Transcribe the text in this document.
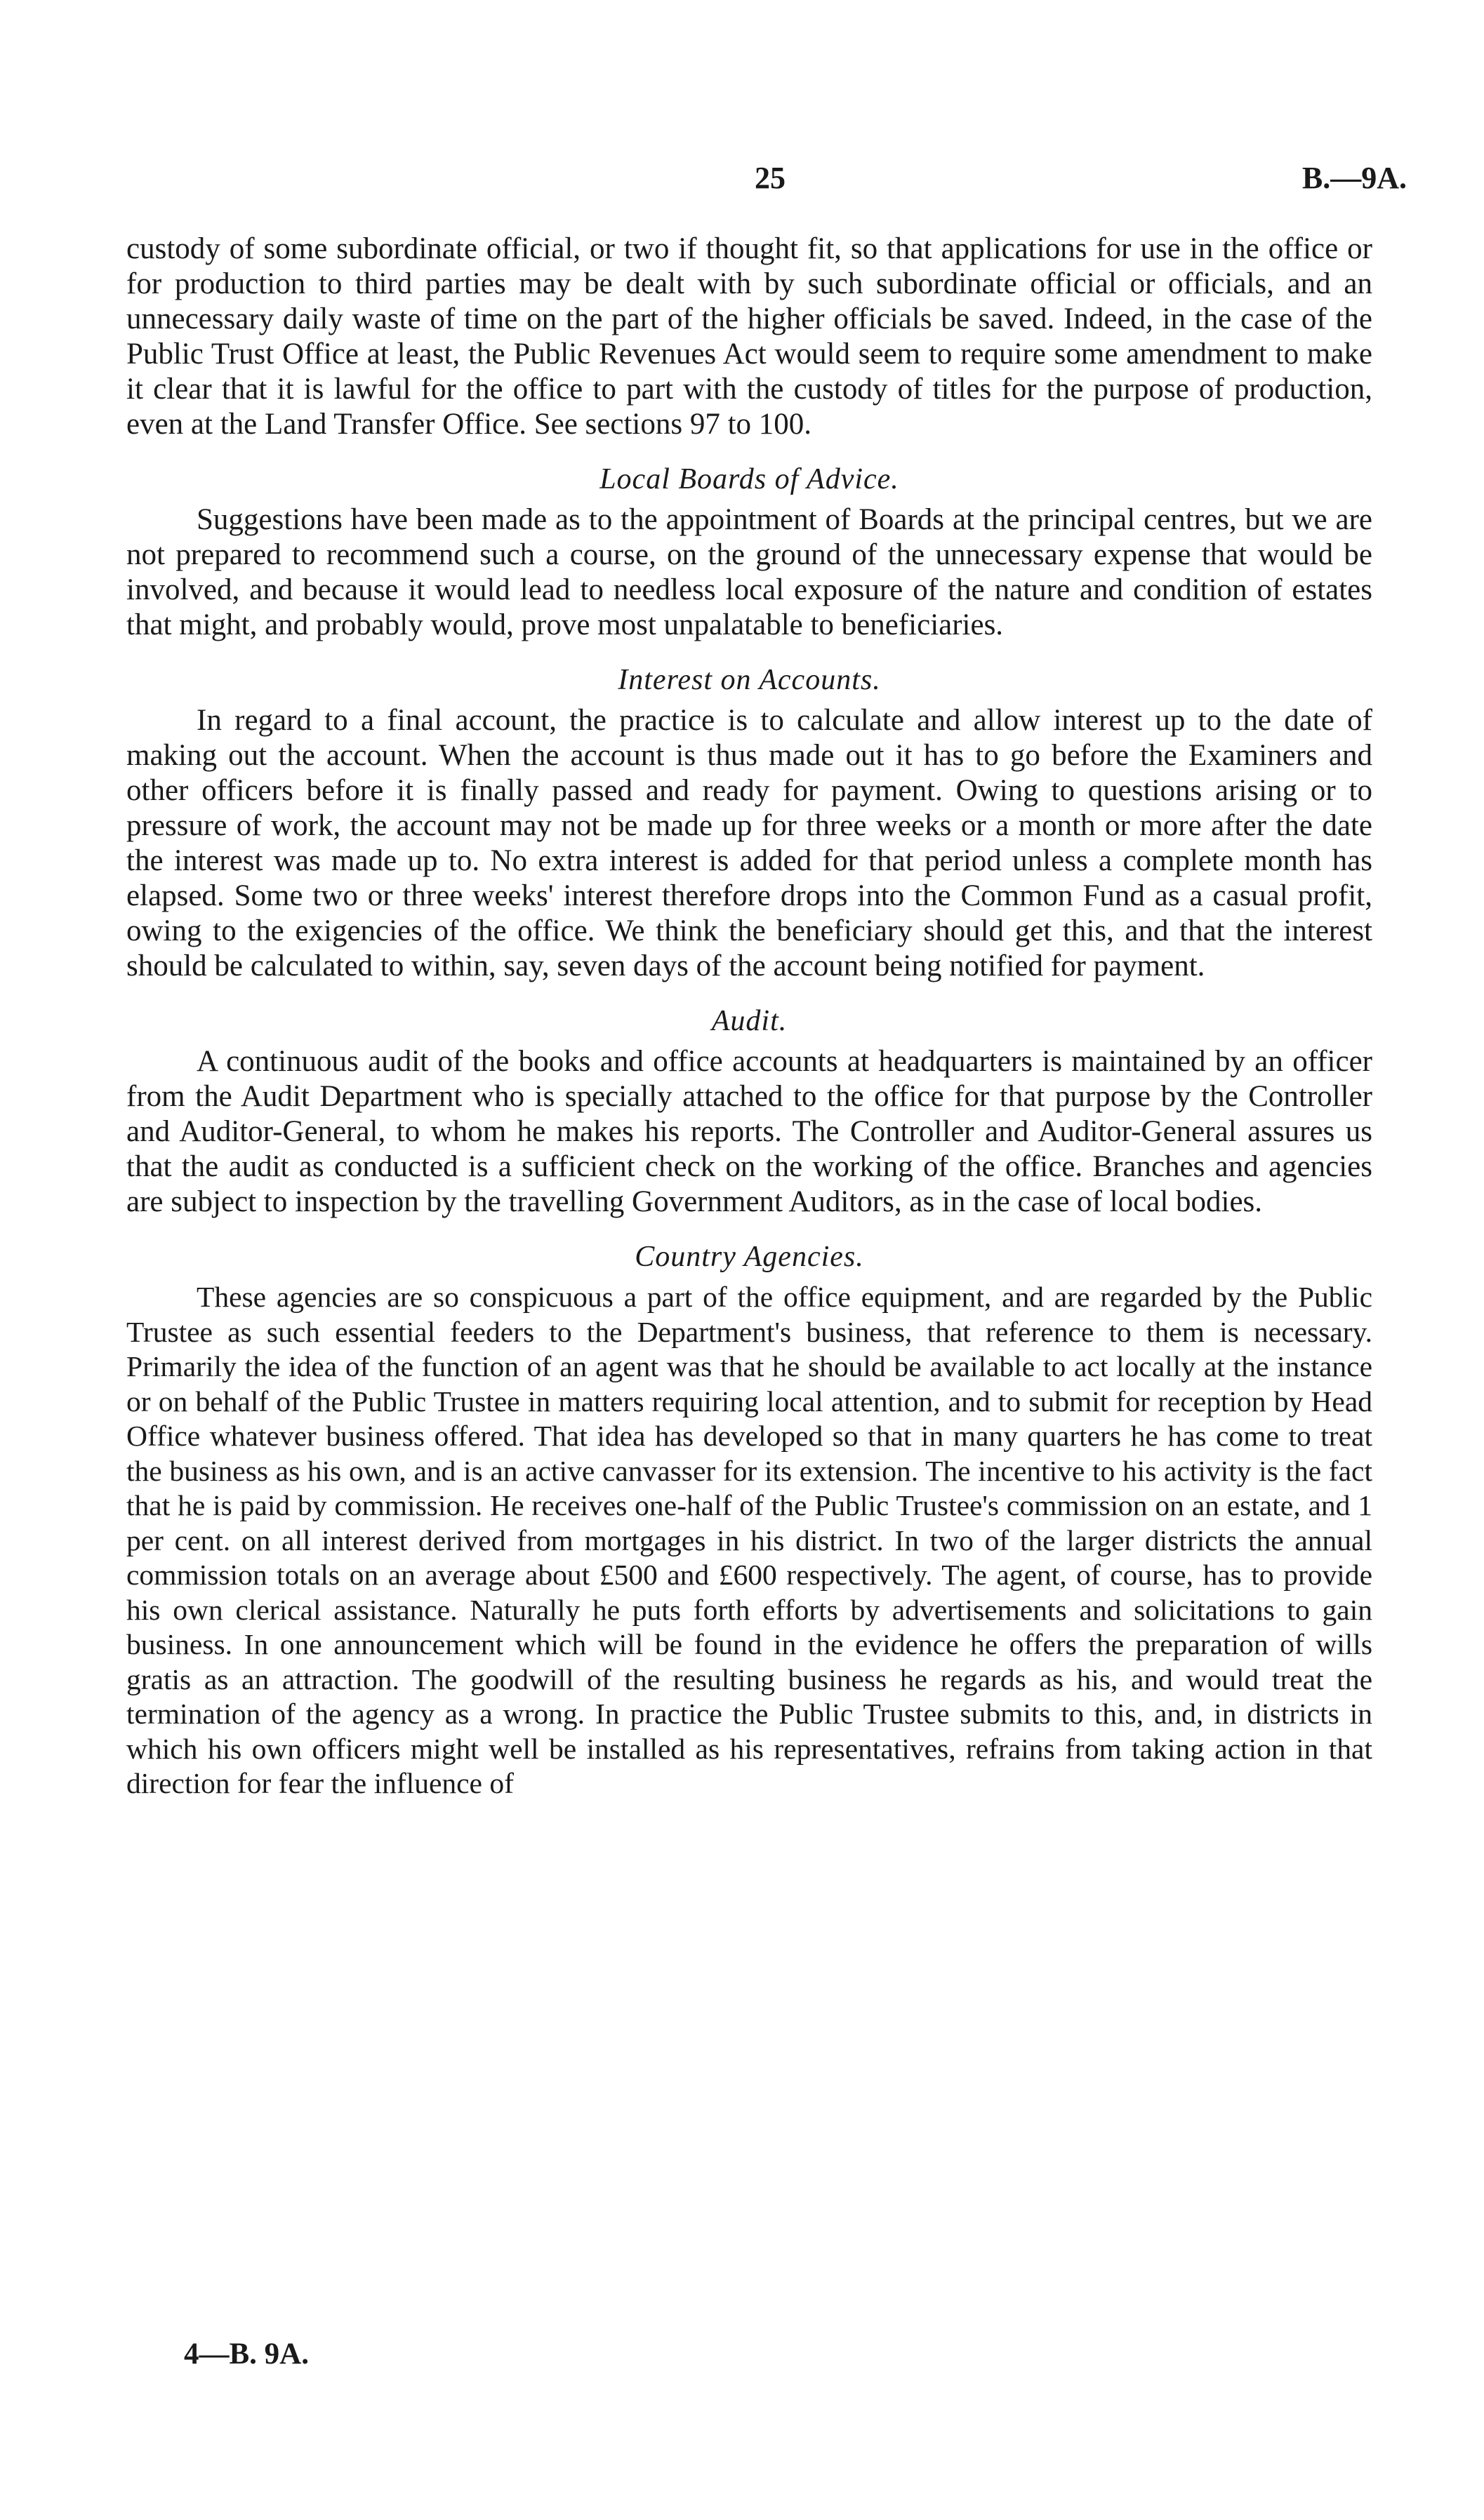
25	B.—9A.

custody of some subordinate official, or two if thought fit, so that applications for use in the office or for production to third parties may be dealt with by such subordinate official or officials, and an unnecessary daily waste of time on the part of the higher officials be saved. Indeed, in the case of the Public Trust Office at least, the Public Revenues Act would seem to require some amendment to make it clear that it is lawful for the office to part with the custody of titles for the purpose of production, even at the Land Transfer Office. See sections 97 to 100.

Local Boards of Advice.

Suggestions have been made as to the appointment of Boards at the principal centres, but we are not prepared to recommend such a course, on the ground of the unnecessary expense that would be involved, and because it would lead to needless local exposure of the nature and condition of estates that might, and probably would, prove most unpalatable to beneficiaries.

Interest on Accounts.

In regard to a final account, the practice is to calculate and allow interest up to the date of making out the account. When the account is thus made out it has to go before the Examiners and other officers before it is finally passed and ready for payment. Owing to questions arising or to pressure of work, the account may not be made up for three weeks or a month or more after the date the interest was made up to. No extra interest is added for that period unless a complete month has elapsed. Some two or three weeks' interest therefore drops into the Common Fund as a casual profit, owing to the exigencies of the office. We think the beneficiary should get this, and that the interest should be calculated to within, say, seven days of the account being notified for payment.

Audit.

A continuous audit of the books and office accounts at headquarters is maintained by an officer from the Audit Department who is specially attached to the office for that purpose by the Controller and Auditor-General, to whom he makes his reports. The Controller and Auditor-General assures us that the audit as conducted is a sufficient check on the working of the office. Branches and agencies are subject to inspection by the travelling Government Auditors, as in the case of local bodies.

Country Agencies.

These agencies are so conspicuous a part of the office equipment, and are regarded by the Public Trustee as such essential feeders to the Department's business, that reference to them is necessary. Primarily the idea of the function of an agent was that he should be available to act locally at the instance or on behalf of the Public Trustee in matters requiring local attention, and to submit for reception by Head Office whatever business offered. That idea has developed so that in many quarters he has come to treat the business as his own, and is an active canvasser for its extension. The incentive to his activity is the fact that he is paid by commission. He receives one-half of the Public Trustee's commission on an estate, and 1 per cent. on all interest derived from mortgages in his district. In two of the larger districts the annual commission totals on an average about £500 and £600 respectively. The agent, of course, has to provide his own clerical assistance. Naturally he puts forth efforts by advertisements and solicitations to gain business. In one announcement which will be found in the evidence he offers the preparation of wills gratis as an attraction. The goodwill of the resulting business he regards as his, and would treat the termination of the agency as a wrong. In practice the Public Trustee submits to this, and, in districts in which his own officers might well be installed as his representatives, refrains from taking action in that direction for fear the influence of

4—B. 9A.
